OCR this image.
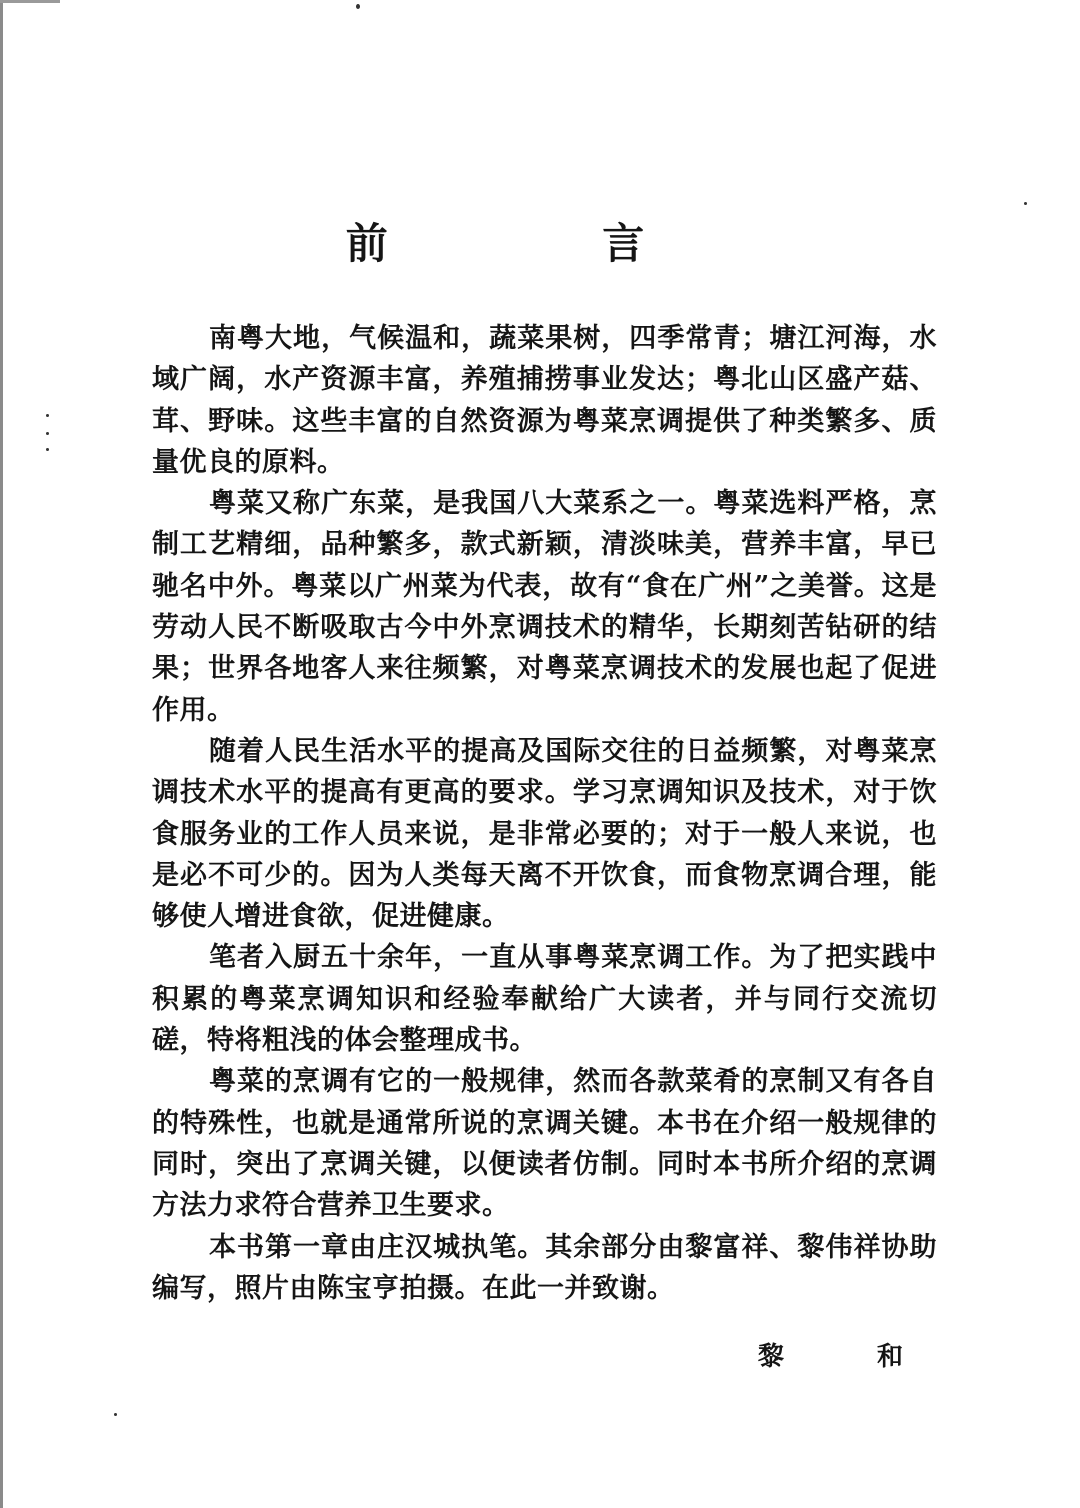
前 言

南粤大地，气候温和，蔬菜果树，四季常青；塘江河海，水域广阔，水产资源丰富，养殖捕捞事业发达；粤北山区盛产菇、茸、野味。这些丰富的自然资源为粤菜烹调提供了种类繁多、质量优良的原料。

粤菜又称广东菜，是我国八大菜系之一。粤菜选料严格，烹制工艺精细，品种繁多，款式新颖，清淡味美，营养丰富，早已驰名中外。粤菜以广州菜为代表，故有“食在广州”之美誉。这是劳动人民不断吸取古今中外烹调技术的精华，长期刻苦钻研的结果；世界各地客人来往频繁，对粤菜烹调技术的发展也起了促进作用。

随着人民生活水平的提高及国际交往的日益频繁，对粤菜烹调技术水平的提高有更高的要求。学习烹调知识及技术，对于饮食服务业的工作人员来说，是非常必要的；对于一般人来说，也是必不可少的。因为人类每天离不开饮食，而食物烹调合理，能够使人增进食欲，促进健康。

笔者入厨五十余年，一直从事粤菜烹调工作。为了把实践中积累的粤菜烹调知识和经验奉献给广大读者，并与同行交流切磋，特将粗浅的体会整理成书。

粤菜的烹调有它的一般规律，然而各款菜肴的烹制又有各自的特殊性，也就是通常所说的烹调关键。本书在介绍一般规律的同时，突出了烹调关键，以便读者仿制。同时本书所介绍的烹调方法力求符合营养卫生要求。

本书第一章由庄汉城执笔。其余部分由黎富祥、黎伟祥协助编写，照片由陈宝亨拍摄。在此一并致谢。

黎 和
